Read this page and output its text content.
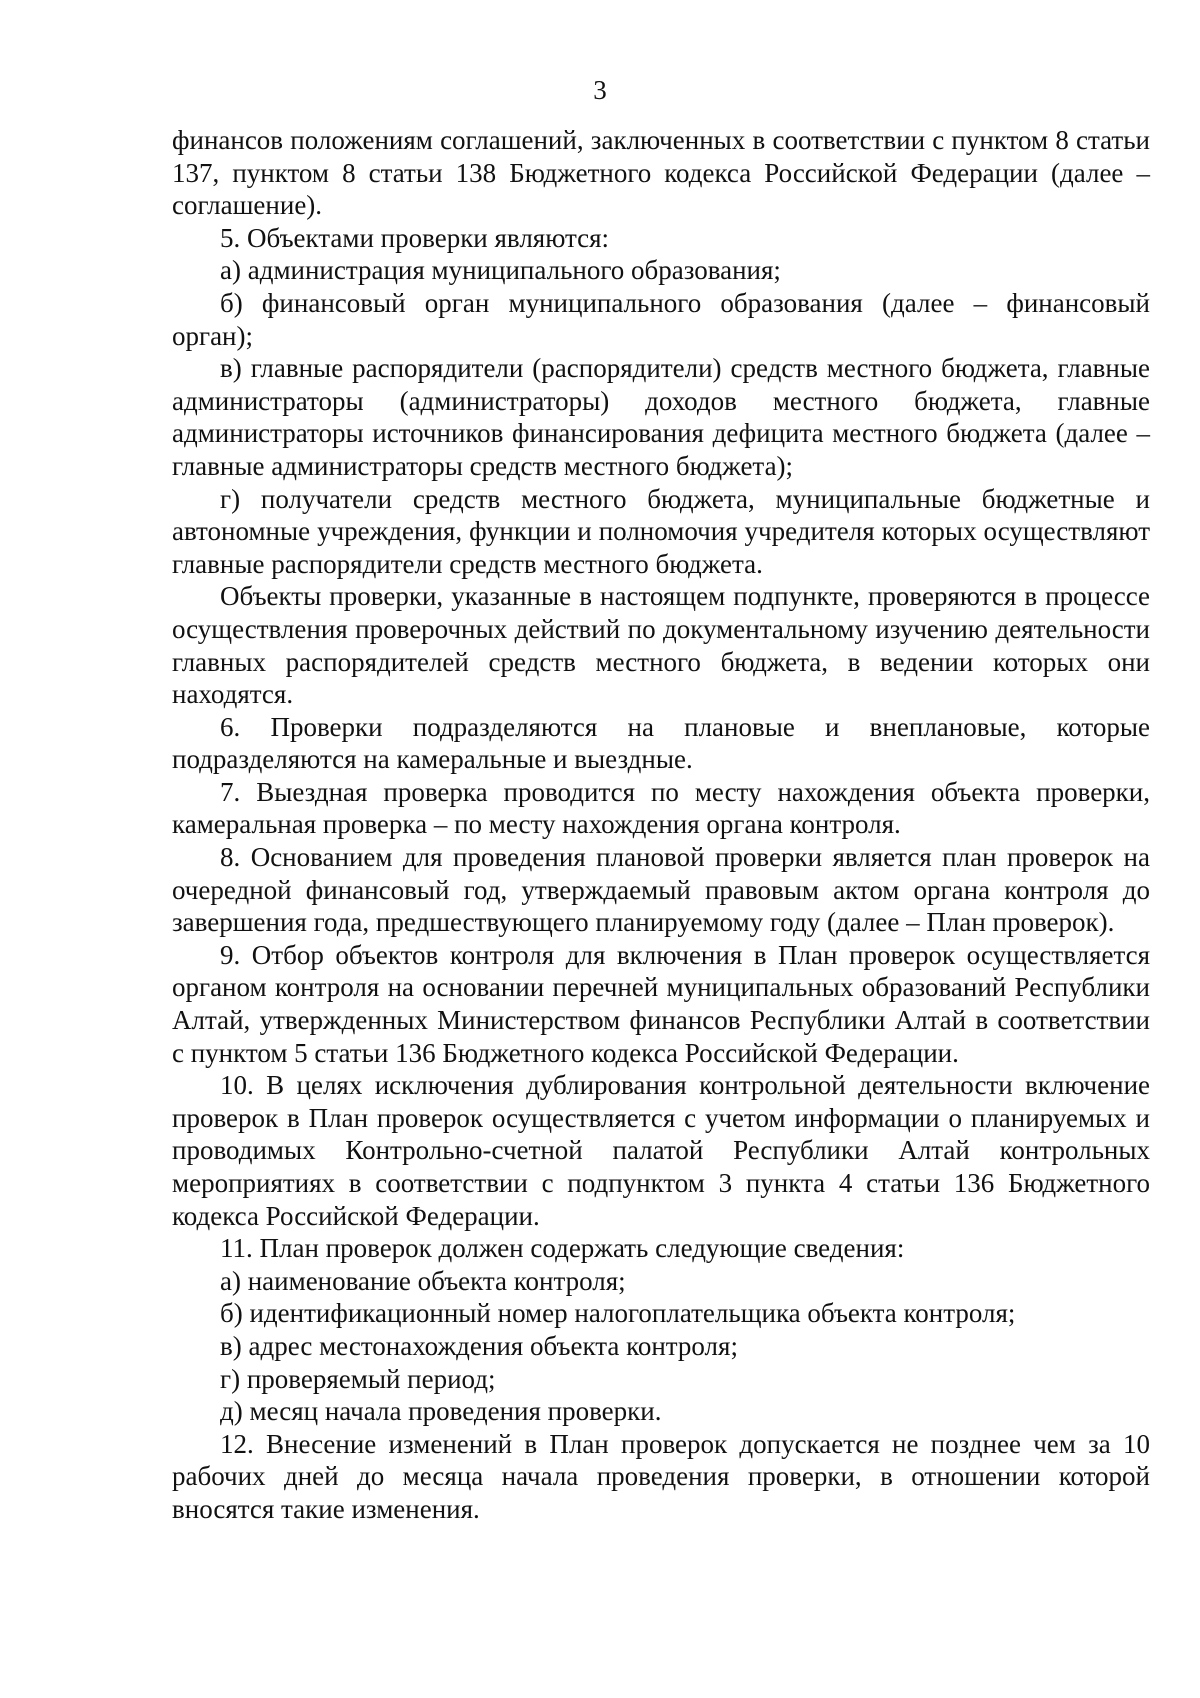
3

финансов положениям соглашений, заключенных в соответствии с пунктом 8 статьи 137, пунктом 8 статьи 138 Бюджетного кодекса Российской Федерации (далее – соглашение).

5. Объектами проверки являются:

а) администрация муниципального образования;

б) финансовый орган муниципального образования (далее – финансовый орган);

в) главные распорядители (распорядители) средств местного бюджета, главные администраторы (администраторы) доходов местного бюджета, главные администраторы источников финансирования дефицита местного бюджета (далее – главные администраторы средств местного бюджета);

г) получатели средств местного бюджета, муниципальные бюджетные и автономные учреждения, функции и полномочия учредителя которых осуществляют главные распорядители средств местного бюджета.

Объекты проверки, указанные в настоящем подпункте, проверяются в процессе осуществления проверочных действий по документальному изучению деятельности главных распорядителей средств местного бюджета, в ведении которых они находятся.

6. Проверки подразделяются на плановые и внеплановые, которые подразделяются на камеральные и выездные.

7. Выездная проверка проводится по месту нахождения объекта проверки, камеральная проверка – по месту нахождения органа контроля.

8. Основанием для проведения плановой проверки является план проверок на очередной финансовый год, утверждаемый правовым актом органа контроля до завершения года, предшествующего планируемому году (далее – План проверок).

9. Отбор объектов контроля для включения в План проверок осуществляется органом контроля на основании перечней муниципальных образований Республики Алтай, утвержденных Министерством финансов Республики Алтай в соответствии с пунктом 5 статьи 136 Бюджетного кодекса Российской Федерации.

10. В целях исключения дублирования контрольной деятельности включение проверок в План проверок осуществляется с учетом информации о планируемых и проводимых Контрольно-счетной палатой Республики Алтай контрольных мероприятиях в соответствии с подпунктом 3 пункта 4 статьи 136 Бюджетного кодекса Российской Федерации.

11. План проверок должен содержать следующие сведения:

а) наименование объекта контроля;

б) идентификационный номер налогоплательщика объекта контроля;

в) адрес местонахождения объекта контроля;

г) проверяемый период;

д) месяц начала проведения проверки.

12. Внесение изменений в План проверок допускается не позднее чем за 10 рабочих дней до месяца начала проведения проверки, в отношении которой вносятся такие изменения.
